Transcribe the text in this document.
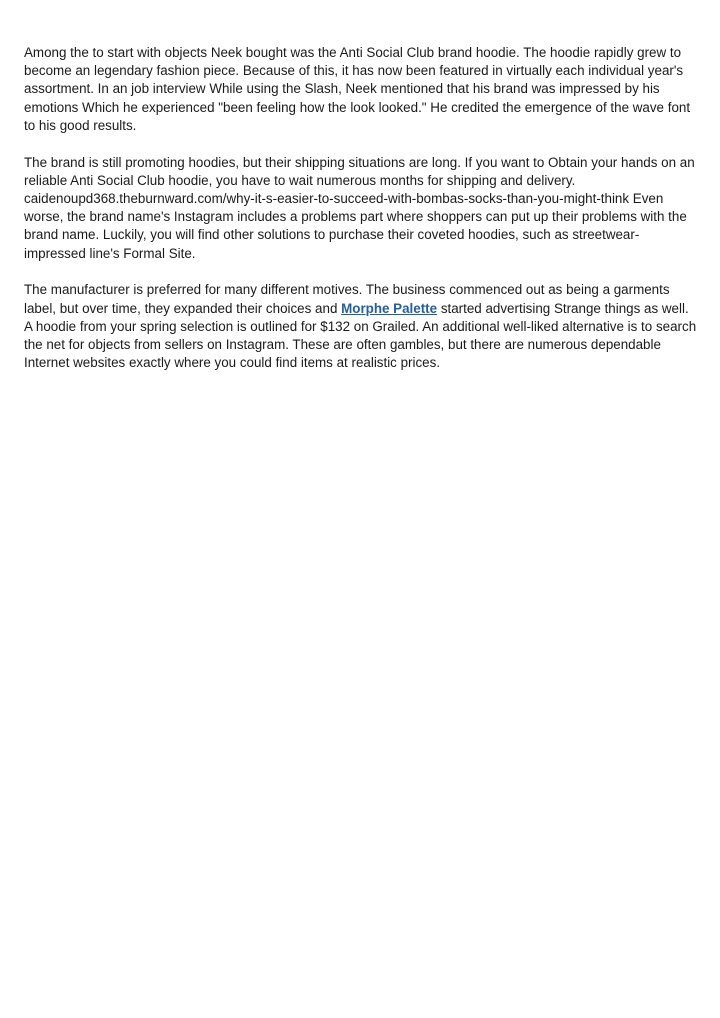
Among the to start with objects Neek bought was the Anti Social Club brand hoodie. The hoodie rapidly grew to become an legendary fashion piece. Because of this, it has now been featured in virtually each individual year's assortment. In an job interview While using the Slash, Neek mentioned that his brand was impressed by his emotions Which he experienced "been feeling how the look looked." He credited the emergence of the wave font to his good results.

The brand is still promoting hoodies, but their shipping situations are long. If you want to Obtain your hands on an reliable Anti Social Club hoodie, you have to wait numerous months for shipping and delivery. caidenoupd368.theburnward.com/why-it-s-easier-to-succeed-with-bombas-socks-than-you-might-think Even worse, the brand name's Instagram includes a problems part where shoppers can put up their problems with the brand name. Luckily, you will find other solutions to purchase their coveted hoodies, such as streetwear-impressed line's Formal Site.

The manufacturer is preferred for many different motives. The business commenced out as being a garments label, but over time, they expanded their choices and Morphe Palette started advertising Strange things as well. A hoodie from your spring selection is outlined for $132 on Grailed. An additional well-liked alternative is to search the net for objects from sellers on Instagram. These are often gambles, but there are numerous dependable Internet websites exactly where you could find items at realistic prices.
